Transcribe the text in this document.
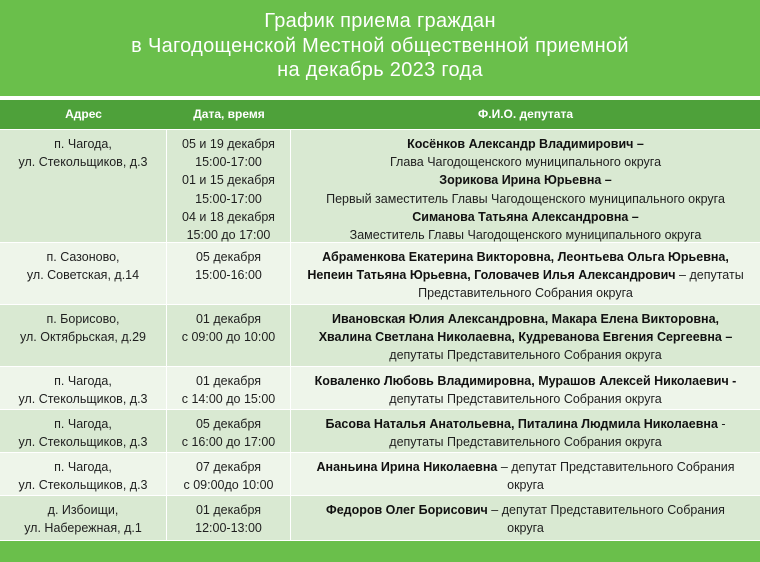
График приема граждан
в Чагодощенской Местной общественной приемной
на декабрь 2023 года
Адрес	Дата, время	Ф.И.О. депутата
п. Чагода,
ул. Стекольщиков, д.3
05 и 19 декабря
15:00-17:00
01 и 15 декабря
15:00-17:00
04 и 18 декабря
15:00 до 17:00
Косёнков Александр Владимирович –
Глава Чагодощенского муниципального округа
Зорикова Ирина Юрьевна –
Первый заместитель Главы Чагодощенского муниципального округа
Симанова Татьяна Александровна –
Заместитель Главы Чагодощенского муниципального округа
п. Сазоново,
ул. Советская, д.14
05 декабря
15:00-16:00
Абраменкова Екатерина Викторовна, Леонтьева Ольга Юрьевна,
Непеин Татьяна Юрьевна, Головачев Илья Александрович – депутаты
Представительного Собрания округа
п. Борисово,
ул. Октябрьская, д.29
01 декабря
с 09:00 до 10:00
Ивановская Юлия Александровна, Макара Елена Викторовна,
Хвалина Светлана Николаевна, Кудреванова Евгения Сергеевна –
депутаты Представительного Собрания округа
п. Чагода,
ул. Стекольщиков, д.3
01 декабря
с 14:00 до 15:00
Коваленко Любовь Владимировна, Мурашов Алексей Николаевич -
депутаты Представительного Собрания округа
п. Чагода,
ул. Стекольщиков, д.3
05 декабря
с 16:00 до 17:00
Басова Наталья Анатольевна, Питалина Людмила Николаевна -
депутаты Представительного Собрания округа
п. Чагода,
ул. Стекольщиков, д.3
07 декабря
с 09:00до 10:00
Ананьина Ирина Николаевна – депутат Представительного Собрания
округа
д. Избоищи,
ул. Набережная, д.1
01 декабря
12:00-13:00
Федоров Олег Борисович – депутат Представительного Собрания
округа
